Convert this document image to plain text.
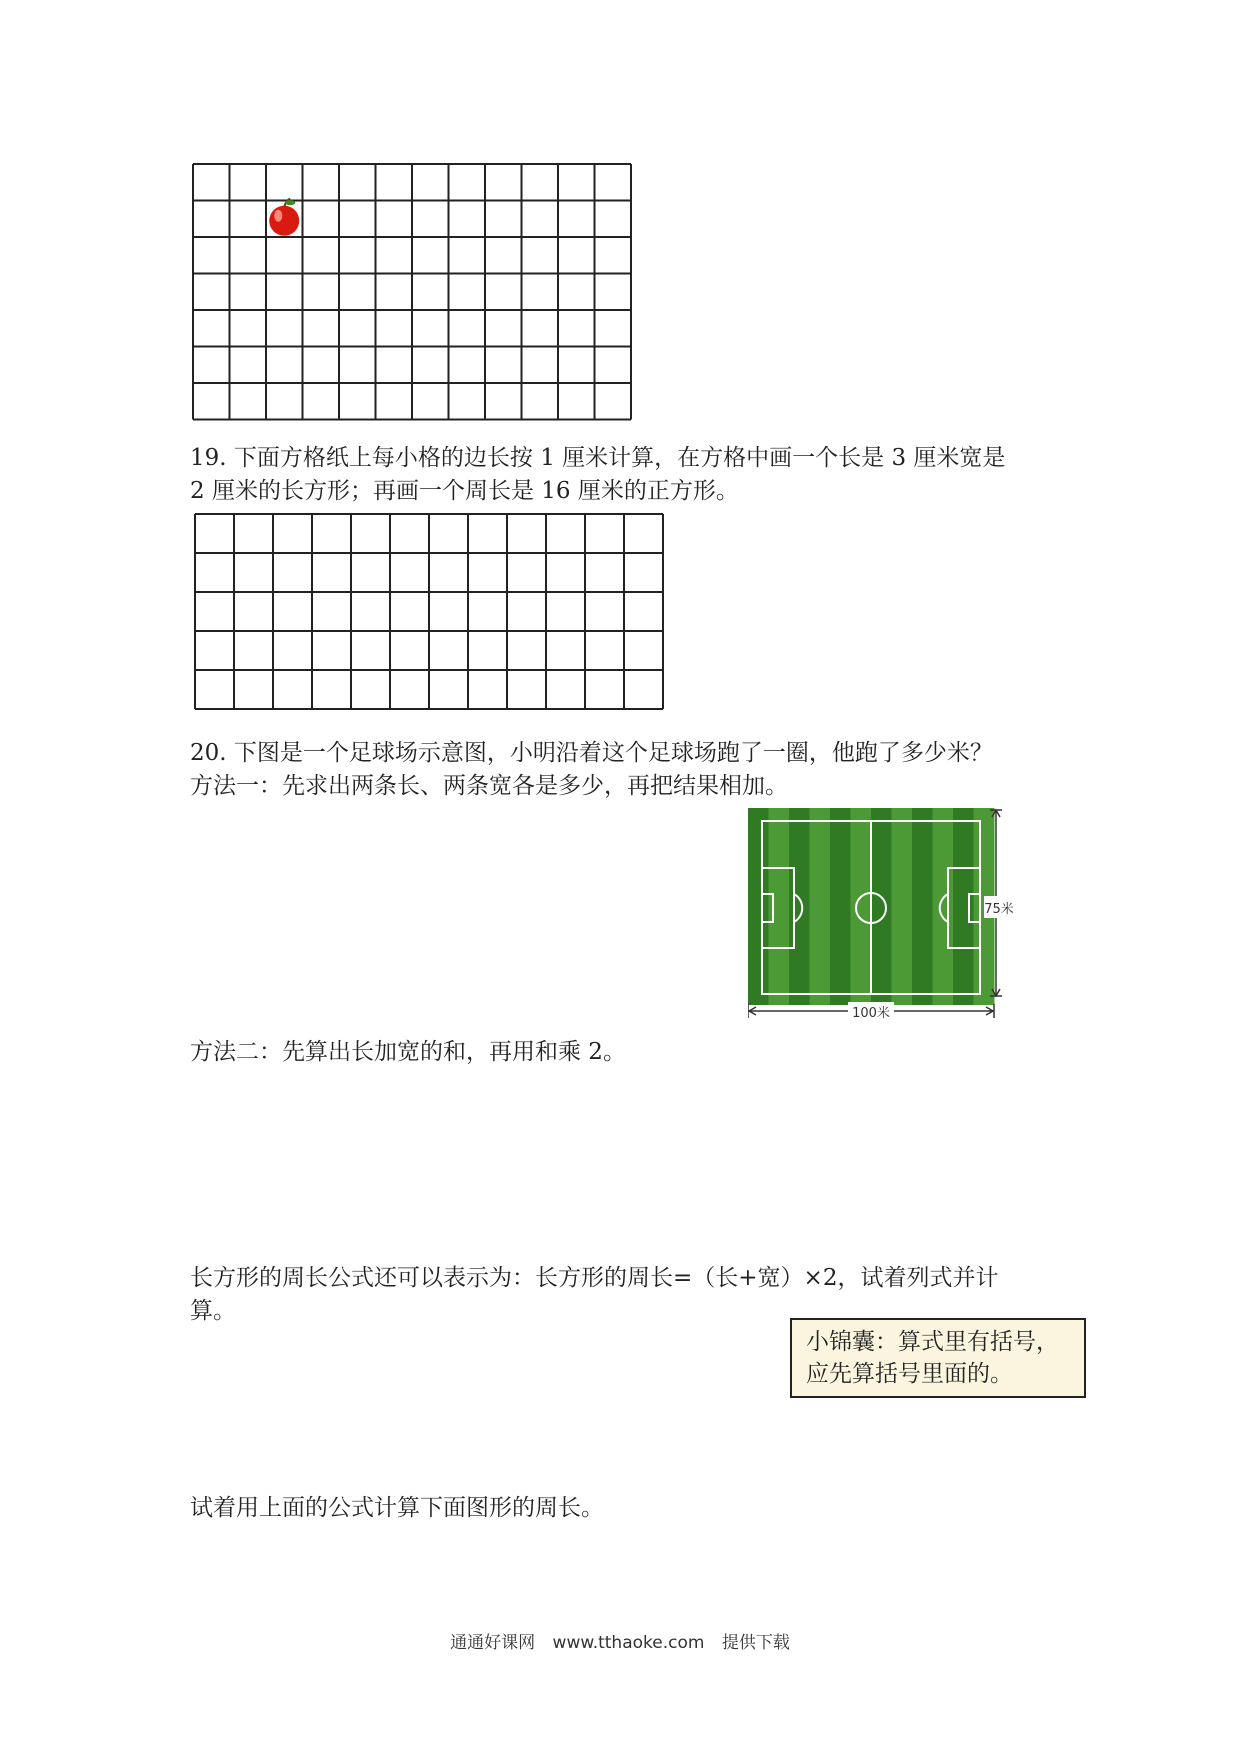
19. 下面方格纸上每小格的边长按 1 厘米计算，在方格中画一个长是 3 厘米宽是
2 厘米的长方形；再画一个周长是 16 厘米的正方形。
20. 下图是一个足球场示意图，小明沿着这个足球场跑了一圈，他跑了多少米？
方法一：先求出两条长、两条宽各是多少，再把结果相加。
75米
100米
方法二：先算出长加宽的和，再用和乘 2。
长方形的周长公式还可以表示为：长方形的周长=（长+宽）×2，试着列式并计
算。
小锦囊：算式里有括号，
应先算括号里面的。
试着用上面的公式计算下面图形的周长。
通通好课网 www.tthaoke.com 提供下载
